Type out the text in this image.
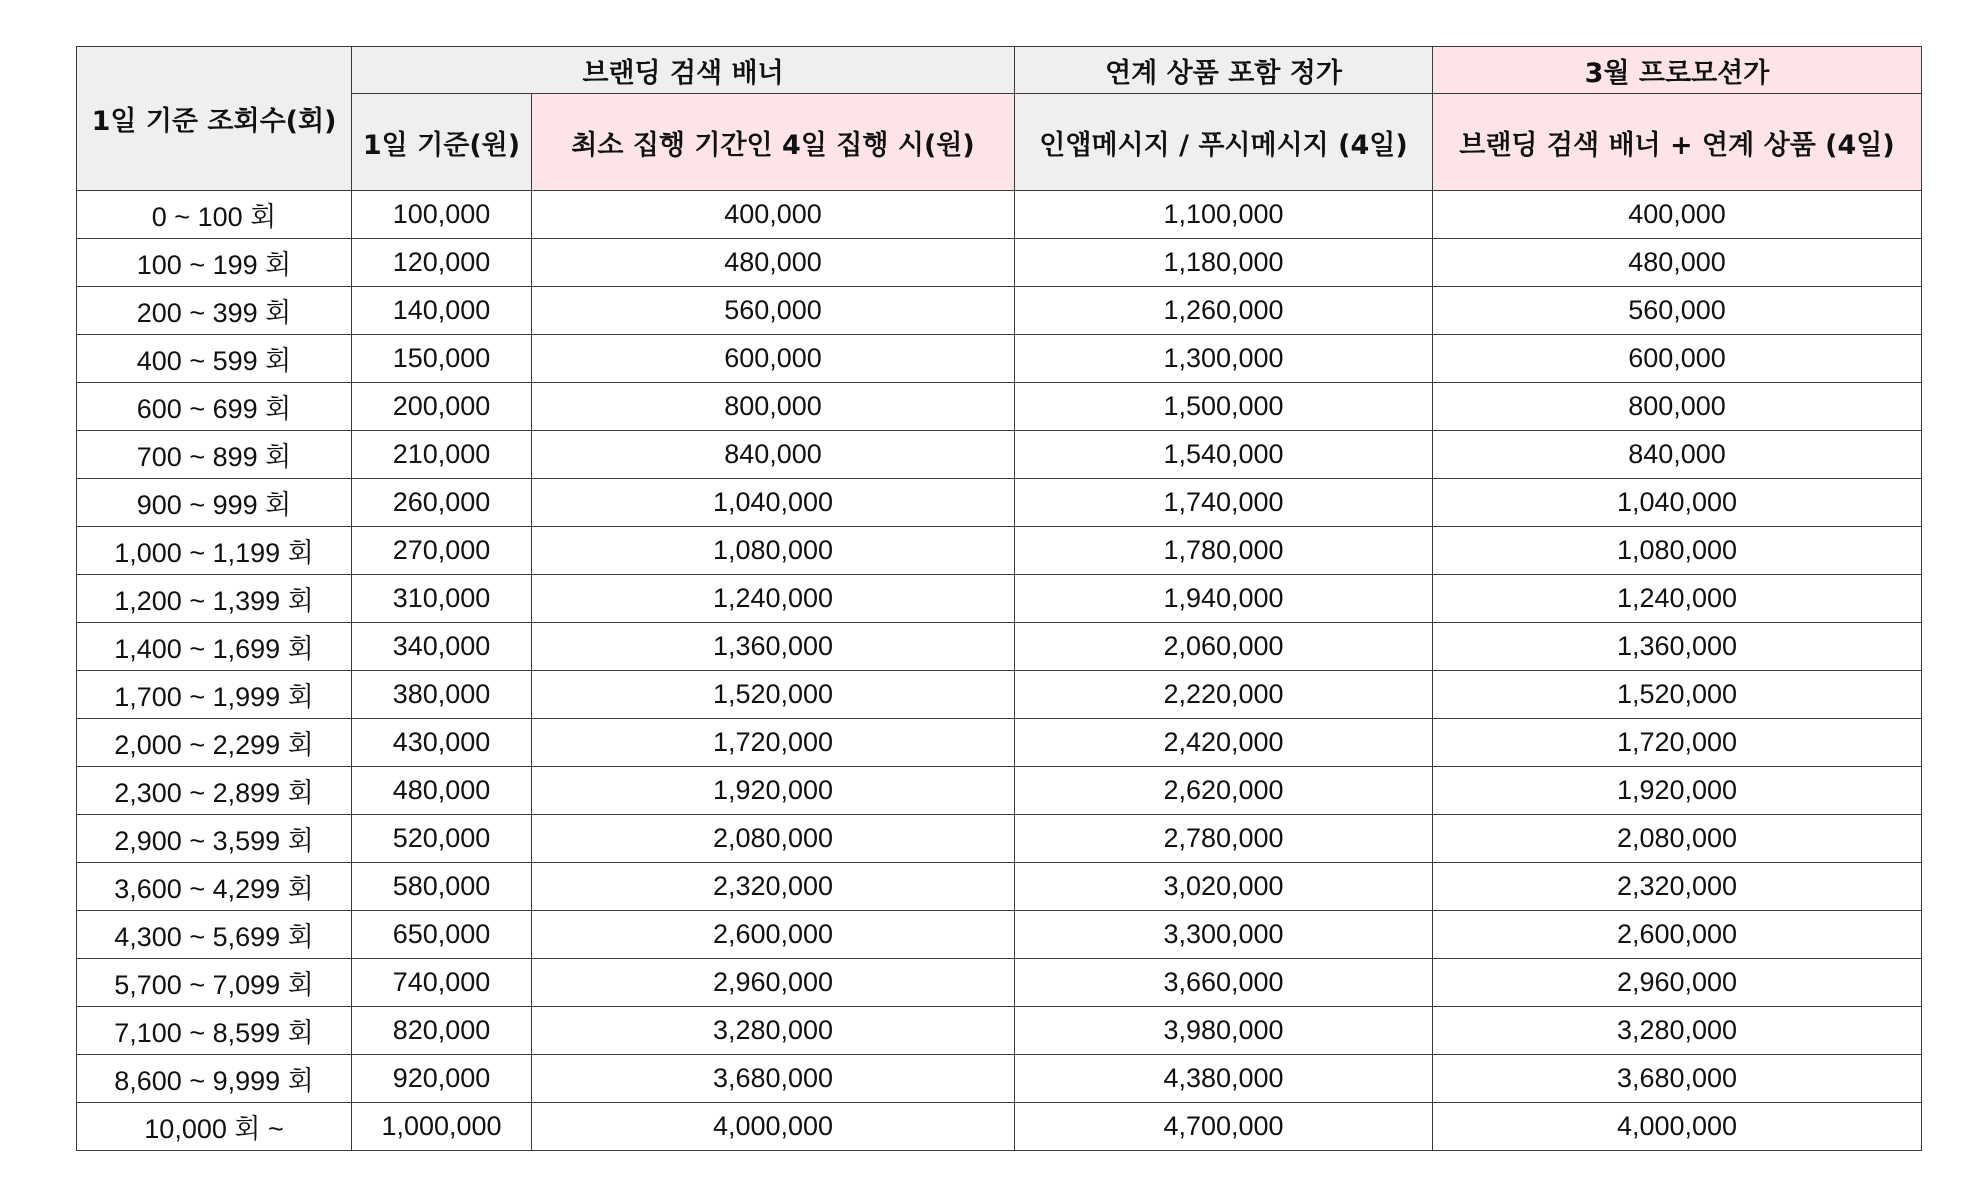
1일 기준 조회수(회)	브랜딩 검색 배너		연계 상품 포함 정가	3월 프로모션가
	1일 기준(원)	최소 집행 기간인 4일 집행 시(원)	인앱메시지 / 푸시메시지 (4일)	브랜딩 검색 배너 + 연계 상품 (4일)
0 ~ 100 회	100,000	400,000	1,100,000	400,000
100 ~ 199 회	120,000	480,000	1,180,000	480,000
200 ~ 399 회	140,000	560,000	1,260,000	560,000
400 ~ 599 회	150,000	600,000	1,300,000	600,000
600 ~ 699 회	200,000	800,000	1,500,000	800,000
700 ~ 899 회	210,000	840,000	1,540,000	840,000
900 ~ 999 회	260,000	1,040,000	1,740,000	1,040,000
1,000 ~ 1,199 회	270,000	1,080,000	1,780,000	1,080,000
1,200 ~ 1,399 회	310,000	1,240,000	1,940,000	1,240,000
1,400 ~ 1,699 회	340,000	1,360,000	2,060,000	1,360,000
1,700 ~ 1,999 회	380,000	1,520,000	2,220,000	1,520,000
2,000 ~ 2,299 회	430,000	1,720,000	2,420,000	1,720,000
2,300 ~ 2,899 회	480,000	1,920,000	2,620,000	1,920,000
2,900 ~ 3,599 회	520,000	2,080,000	2,780,000	2,080,000
3,600 ~ 4,299 회	580,000	2,320,000	3,020,000	2,320,000
4,300 ~ 5,699 회	650,000	2,600,000	3,300,000	2,600,000
5,700 ~ 7,099 회	740,000	2,960,000	3,660,000	2,960,000
7,100 ~ 8,599 회	820,000	3,280,000	3,980,000	3,280,000
8,600 ~ 9,999 회	920,000	3,680,000	4,380,000	3,680,000
10,000 회 ~	1,000,000	4,000,000	4,700,000	4,000,000
